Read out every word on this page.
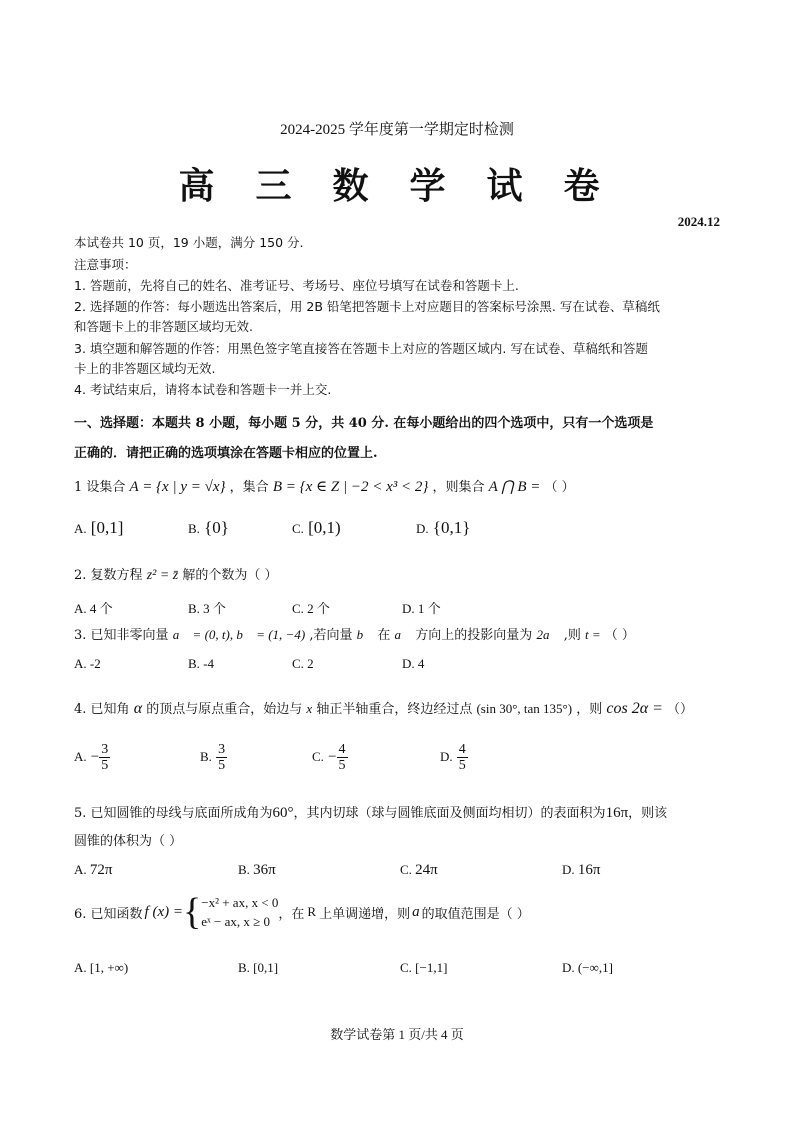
2024-2025 学年度第一学期定时检测
高 三 数 学 试 卷
2024.12
本试卷共 10 页，19 小题，满分 150 分.
注意事项：
1. 答题前，先将自己的姓名、准考证号、考场号、座位号填写在试卷和答题卡上.
2. 选择题的作答：每小题选出答案后，用 2B 铅笔把答题卡上对应题目的答案标号涂黑. 写在试卷、草稿纸
和答题卡上的非答题区域均无效.
3. 填空题和解答题的作答：用黑色签字笔直接答在答题卡上对应的答题区域内. 写在试卷、草稿纸和答题
卡上的非答题区域均无效.
4. 考试结束后，请将本试卷和答题卡一并上交.
一、选择题：本题共 8 小题，每小题 5 分，共 40 分. 在每小题给出的四个选项中，只有一个选项是
正确的．请把正确的选项填涂在答题卡相应的位置上.
1 设集合 A = {x | y = √x} ，集合 B = {x ∈ Z | −2 < x³ < 2} ，则集合 A ⋂ B = （ ）
A. [0,1]	B. {0}	C. [0,1)	D. {0,1}
2. 复数方程 z² = z̄ 解的个数为（ ）
A. 4 个	B. 3 个	C. 2 个	D. 1 个
3. 已知非零向量 a⃗ = (0, t), b⃗ = (1, −4) ,若向量 b⃗ 在 a⃗ 方向上的投影向量为 2a⃗ ,则 t = （ ）
A. -2	B. -4	C. 2	D. 4
4. 已知角 α 的顶点与原点重合，始边与 x 轴正半轴重合，终边经过点 (sin 30°, tan 135°) ，则 cos 2α = （）
A. − $\frac{3}{5}$	B. $\frac{3}{5}$	C. − $\frac{4}{5}$	D. $\frac{4}{5}$
5. 已知圆锥的母线与底面所成角为60°，其内切球（球与圆锥底面及侧面均相切）的表面积为16π，则该
圆锥的体积为（ ）
A. 72π	B. 36π	C. 24π	D. 16π
6. 已知函数 f (x) = { −x² + ax, x < 0
eˣ − ax, x ≥ 0 ，在 R 上单调递增，则 a 的取值范围是（ ）
A. [1, +∞)	B. [0,1]	C. [−1,1]	D. (−∞,1]
数学试卷第 1 页/共 4 页
